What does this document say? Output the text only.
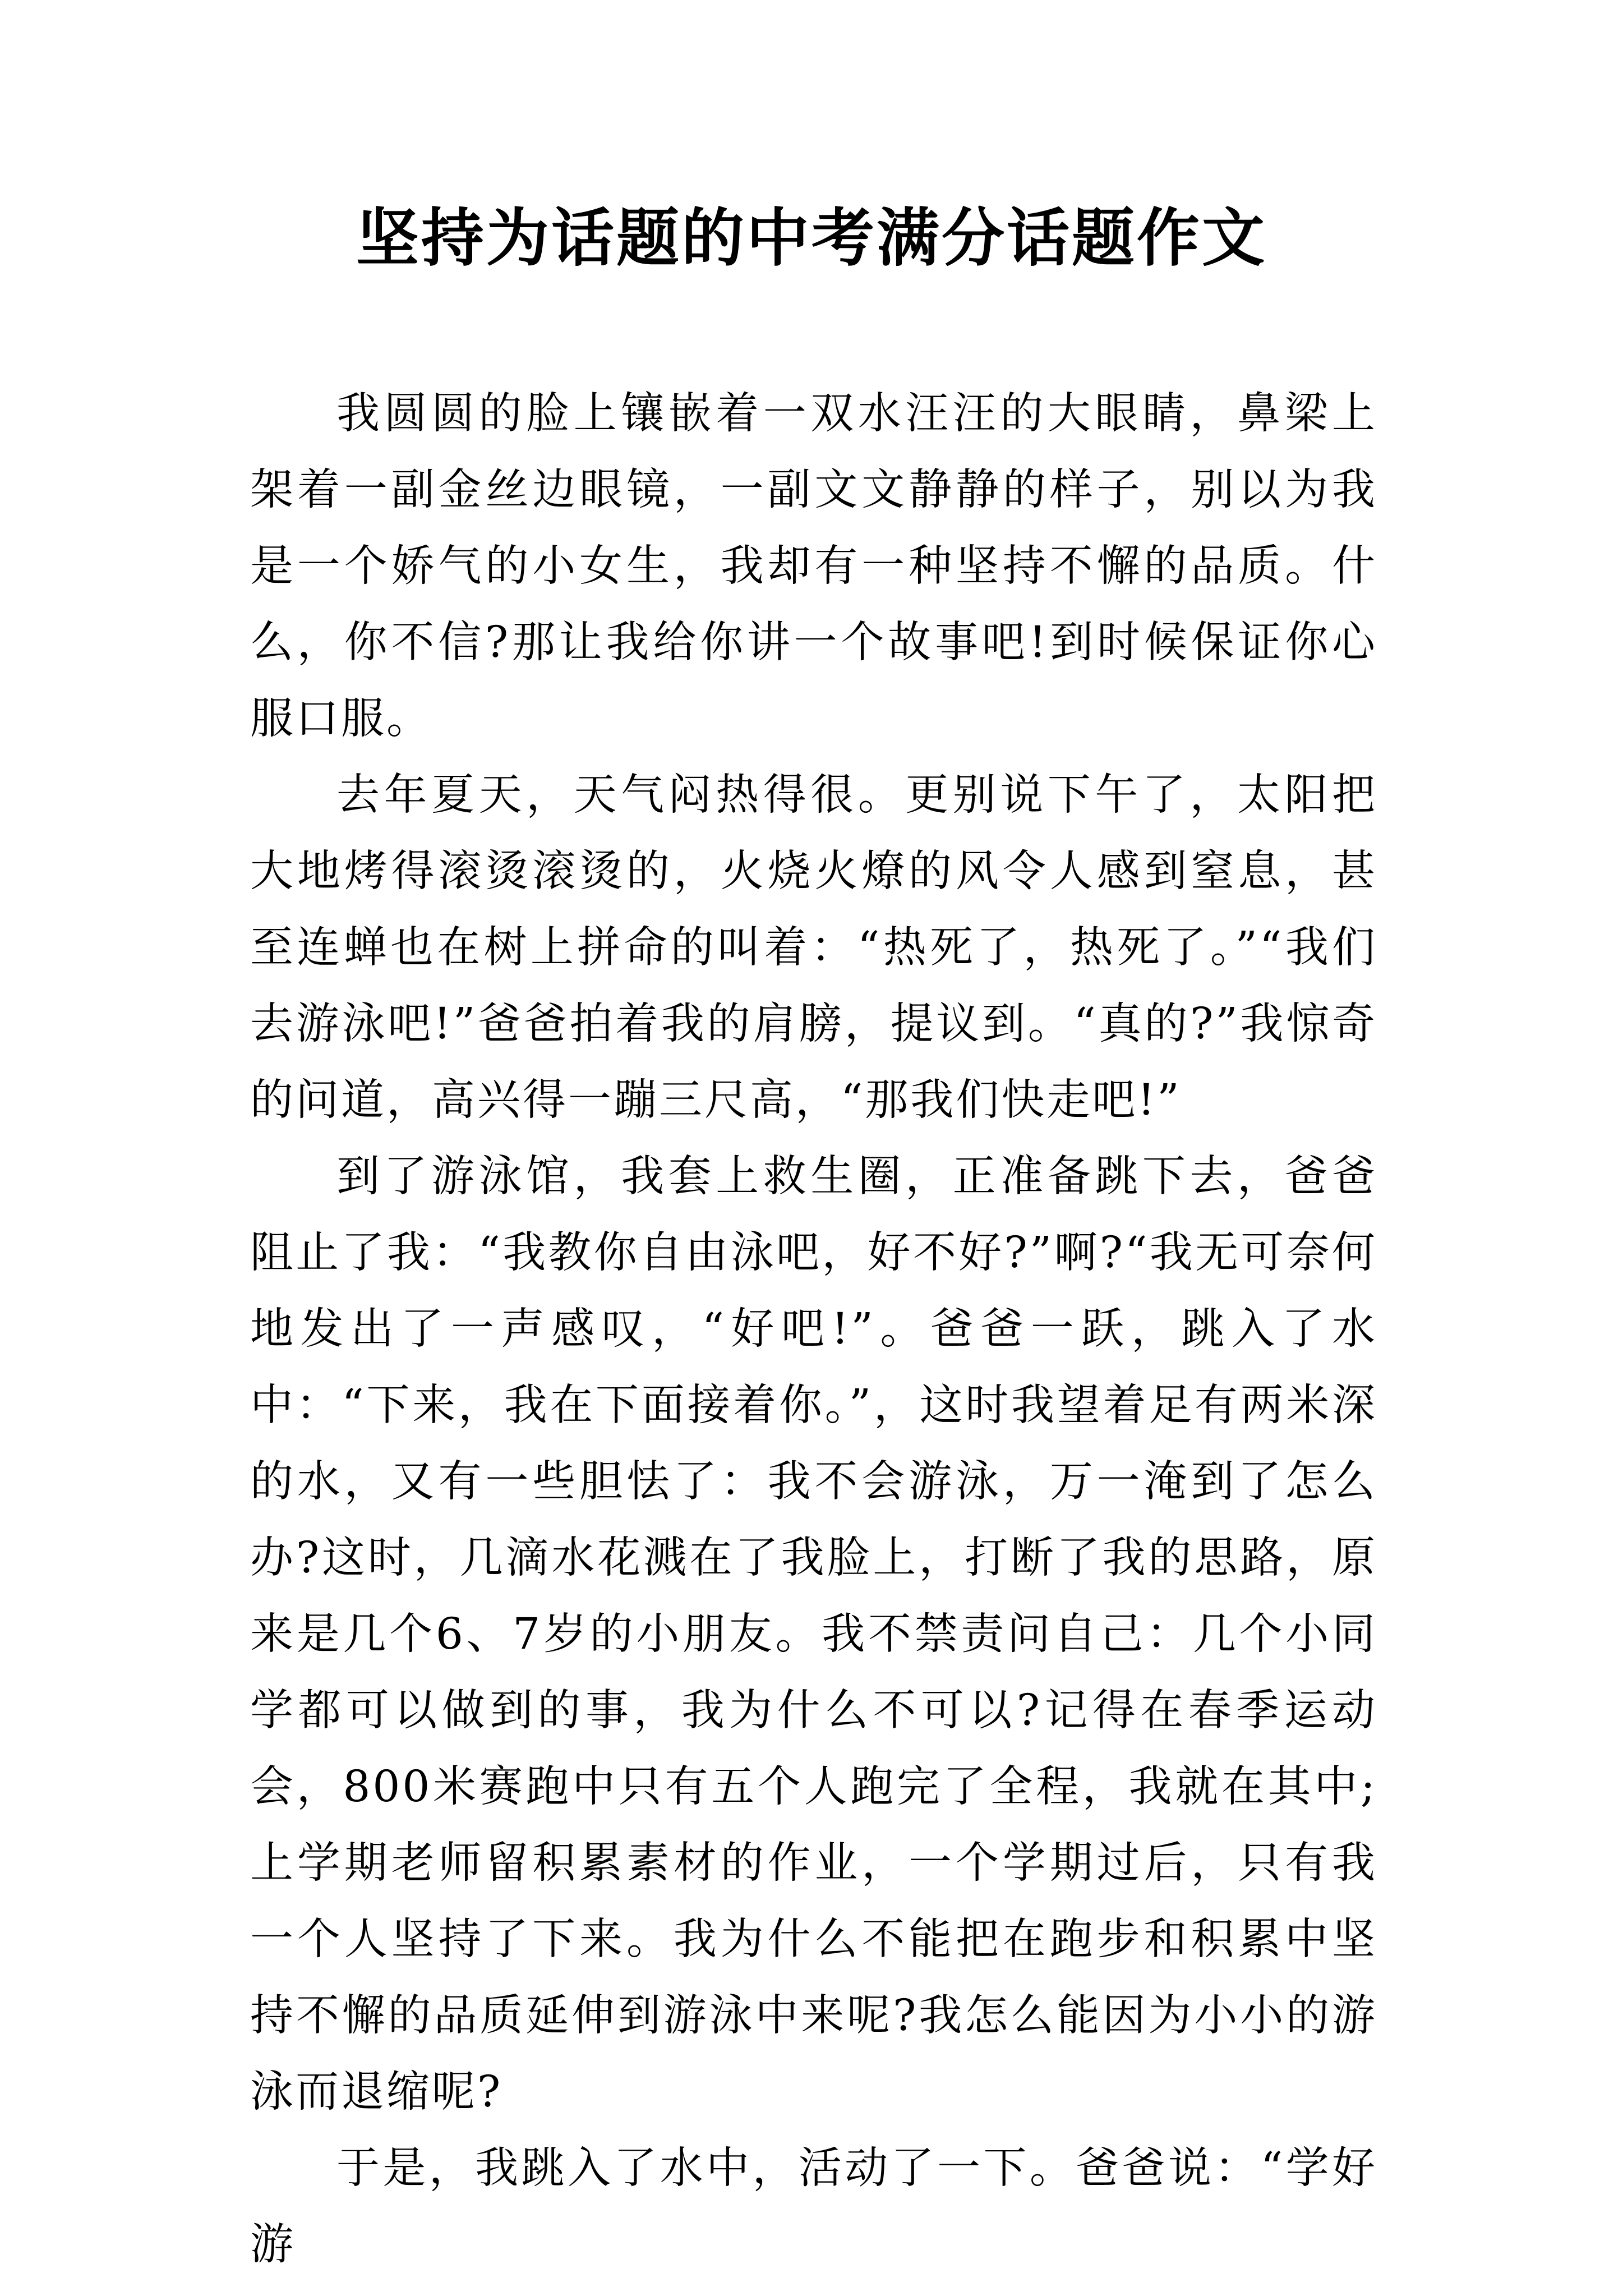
坚持为话题的中考满分话题作文

我圆圆的脸上镶嵌着一双水汪汪的大眼睛，鼻梁上架着一副金丝边眼镜，一副文文静静的样子，别以为我是一个娇气的小女生，我却有一种坚持不懈的品质。什么，你不信?那让我给你讲一个故事吧!到时候保证你心服口服。

去年夏天，天气闷热得很。更别说下午了，太阳把大地烤得滚烫滚烫的，火烧火燎的风令人感到窒息，甚至连蝉也在树上拼命的叫着：“热死了，热死了。”“我们去游泳吧!”爸爸拍着我的肩膀，提议到。“真的?”我惊奇的问道，高兴得一蹦三尺高，“那我们快走吧!”

到了游泳馆，我套上救生圈，正准备跳下去，爸爸阻止了我：“我教你自由泳吧，好不好?”啊?“我无可奈何地发出了一声感叹，“好吧!”。爸爸一跃，跳入了水中：“下来，我在下面接着你。”，这时我望着足有两米深的水，又有一些胆怯了：我不会游泳，万一淹到了怎么办?这时，几滴水花溅在了我脸上，打断了我的思路，原来是几个6、7岁的小朋友。我不禁责问自己：几个小同学都可以做到的事，我为什么不可以?记得在春季运动会，800米赛跑中只有五个人跑完了全程，我就在其中;上学期老师留积累素材的作业，一个学期过后，只有我一个人坚持了下来。我为什么不能把在跑步和积累中坚持不懈的品质延伸到游泳中来呢?我怎么能因为小小的游泳而退缩呢?

于是，我跳入了水中，活动了一下。爸爸说：“学好游
